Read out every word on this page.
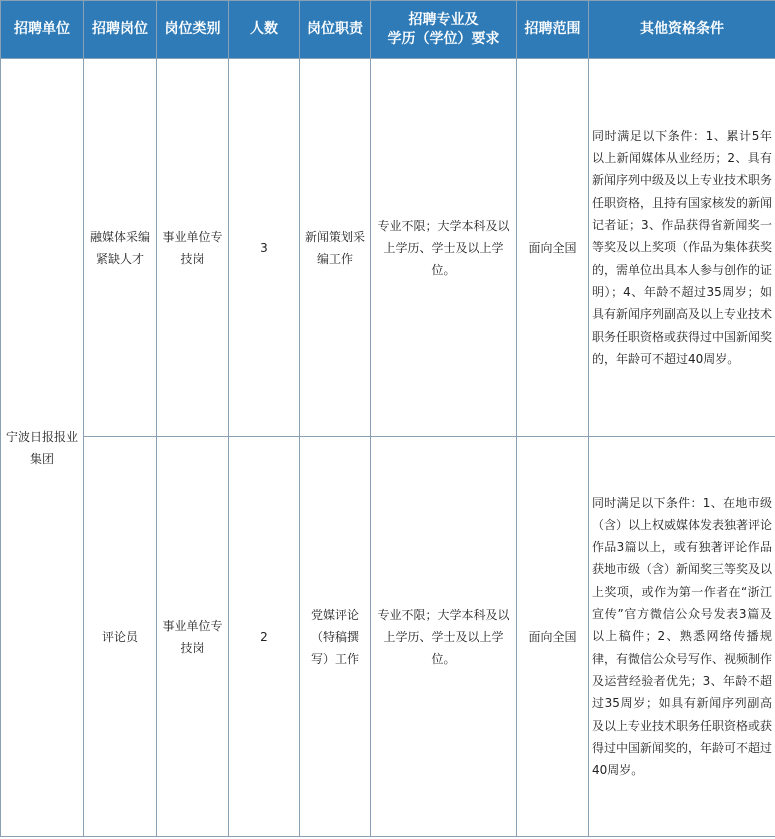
招聘单位	招聘岗位	岗位类别	人数	岗位职责	招聘专业及
学历（学位）要求	招聘范围	其他资格条件

宁波日报报业集团	融媒体采编紧缺人才	事业单位专技岗	3	新闻策划采编工作	专业不限；大学本科及以上学历、学士及以上学位。	面向全国	同时满足以下条件：1、累计5年以上新闻媒体从业经历；2、具有新闻序列中级及以上专业技术职务任职资格，且持有国家核发的新闻记者证；3、作品获得省新闻奖一等奖及以上奖项（作品为集体获奖的，需单位出具本人参与创作的证明）；4、年龄不超过35周岁；如具有新闻序列副高及以上专业技术职务任职资格或获得过中国新闻奖的，年龄可不超过40周岁。

	评论员	事业单位专技岗	2	党媒评论（特稿撰写）工作	专业不限；大学本科及以上学历、学士及以上学位。	面向全国	同时满足以下条件：1、在地市级（含）以上权威媒体发表独著评论作品3篇以上，或有独著评论作品获地市级（含）新闻奖三等奖及以上奖项，或作为第一作者在“浙江宣传”官方微信公众号发表3篇及以上稿件；2、熟悉网络传播规律，有微信公众号写作、视频制作及运营经验者优先；3、年龄不超过35周岁；如具有新闻序列副高及以上专业技术职务任职资格或获得过中国新闻奖的，年龄可不超过40周岁。
